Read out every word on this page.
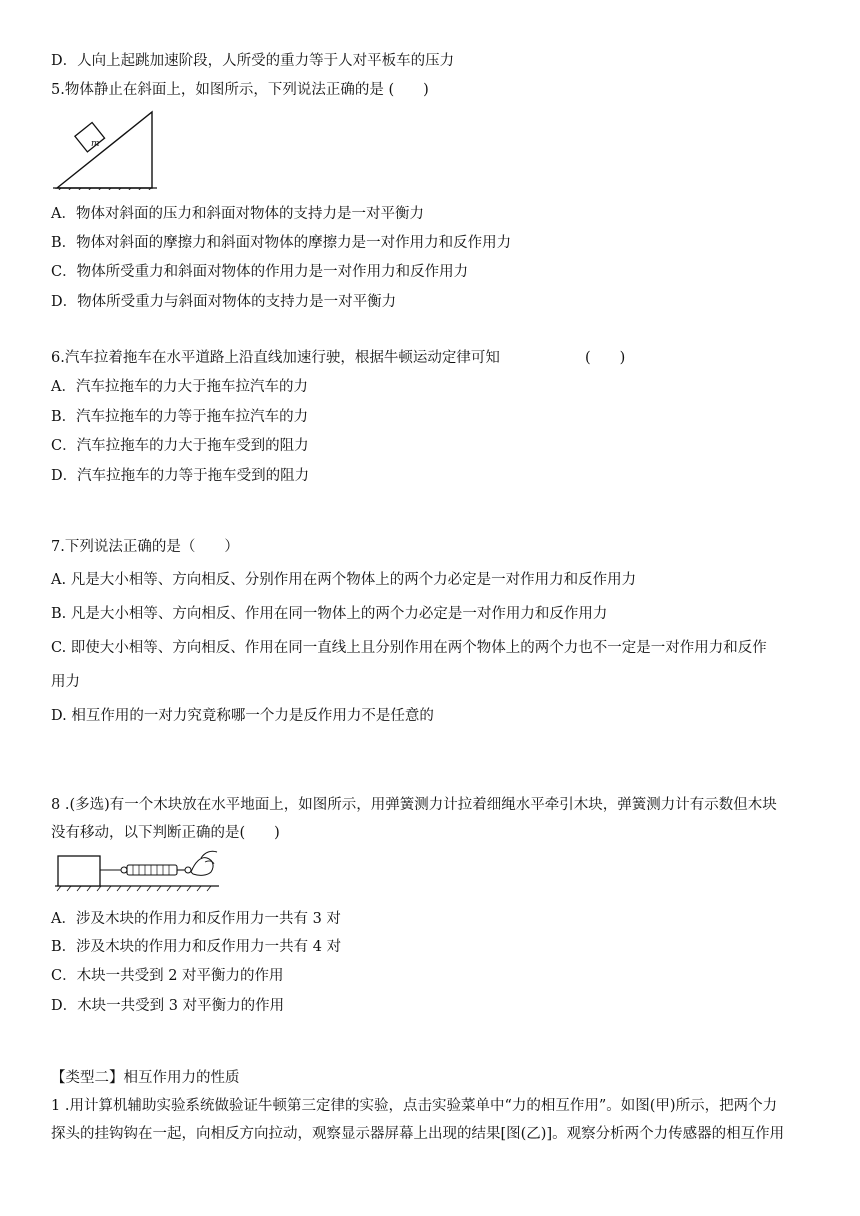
D．人向上起跳加速阶段，人所受的重力等于人对平板车的压力
5.物体静止在斜面上，如图所示，下列说法正确的是 (　　)
m
A．物体对斜面的压力和斜面对物体的支持力是一对平衡力
B．物体对斜面的摩擦力和斜面对物体的摩擦力是一对作用力和反作用力
C．物体所受重力和斜面对物体的作用力是一对作用力和反作用力
D．物体所受重力与斜面对物体的支持力是一对平衡力
6.汽车拉着拖车在水平道路上沿直线加速行驶，根据牛顿运动定律可知	(　　)
A．汽车拉拖车的力大于拖车拉汽车的力
B．汽车拉拖车的力等于拖车拉汽车的力
C．汽车拉拖车的力大于拖车受到的阻力
D．汽车拉拖车的力等于拖车受到的阻力
7.下列说法正确的是（　　）
A. 凡是大小相等、方向相反、分别作用在两个物体上的两个力必定是一对作用力和反作用力
B. 凡是大小相等、方向相反、作用在同一物体上的两个力必定是一对作用力和反作用力
C. 即使大小相等、方向相反、作用在同一直线上且分别作用在两个物体上的两个力也不一定是一对作用力和反作
用力
D. 相互作用的一对力究竟称哪一个力是反作用力不是任意的
8 .(多选)有一个木块放在水平地面上，如图所示，用弹簧测力计拉着细绳水平牵引木块，弹簧测力计有示数但木块
没有移动，以下判断正确的是(　　)
A．涉及木块的作用力和反作用力一共有 3 对
B．涉及木块的作用力和反作用力一共有 4 对
C．木块一共受到 2 对平衡力的作用
D．木块一共受到 3 对平衡力的作用
【类型二】相互作用力的性质
1 .用计算机辅助实验系统做验证牛顿第三定律的实验，点击实验菜单中“力的相互作用”。如图(甲)所示，把两个力
探头的挂钩钩在一起，向相反方向拉动，观察显示器屏幕上出现的结果[图(乙)]。观察分析两个力传感器的相互作用
